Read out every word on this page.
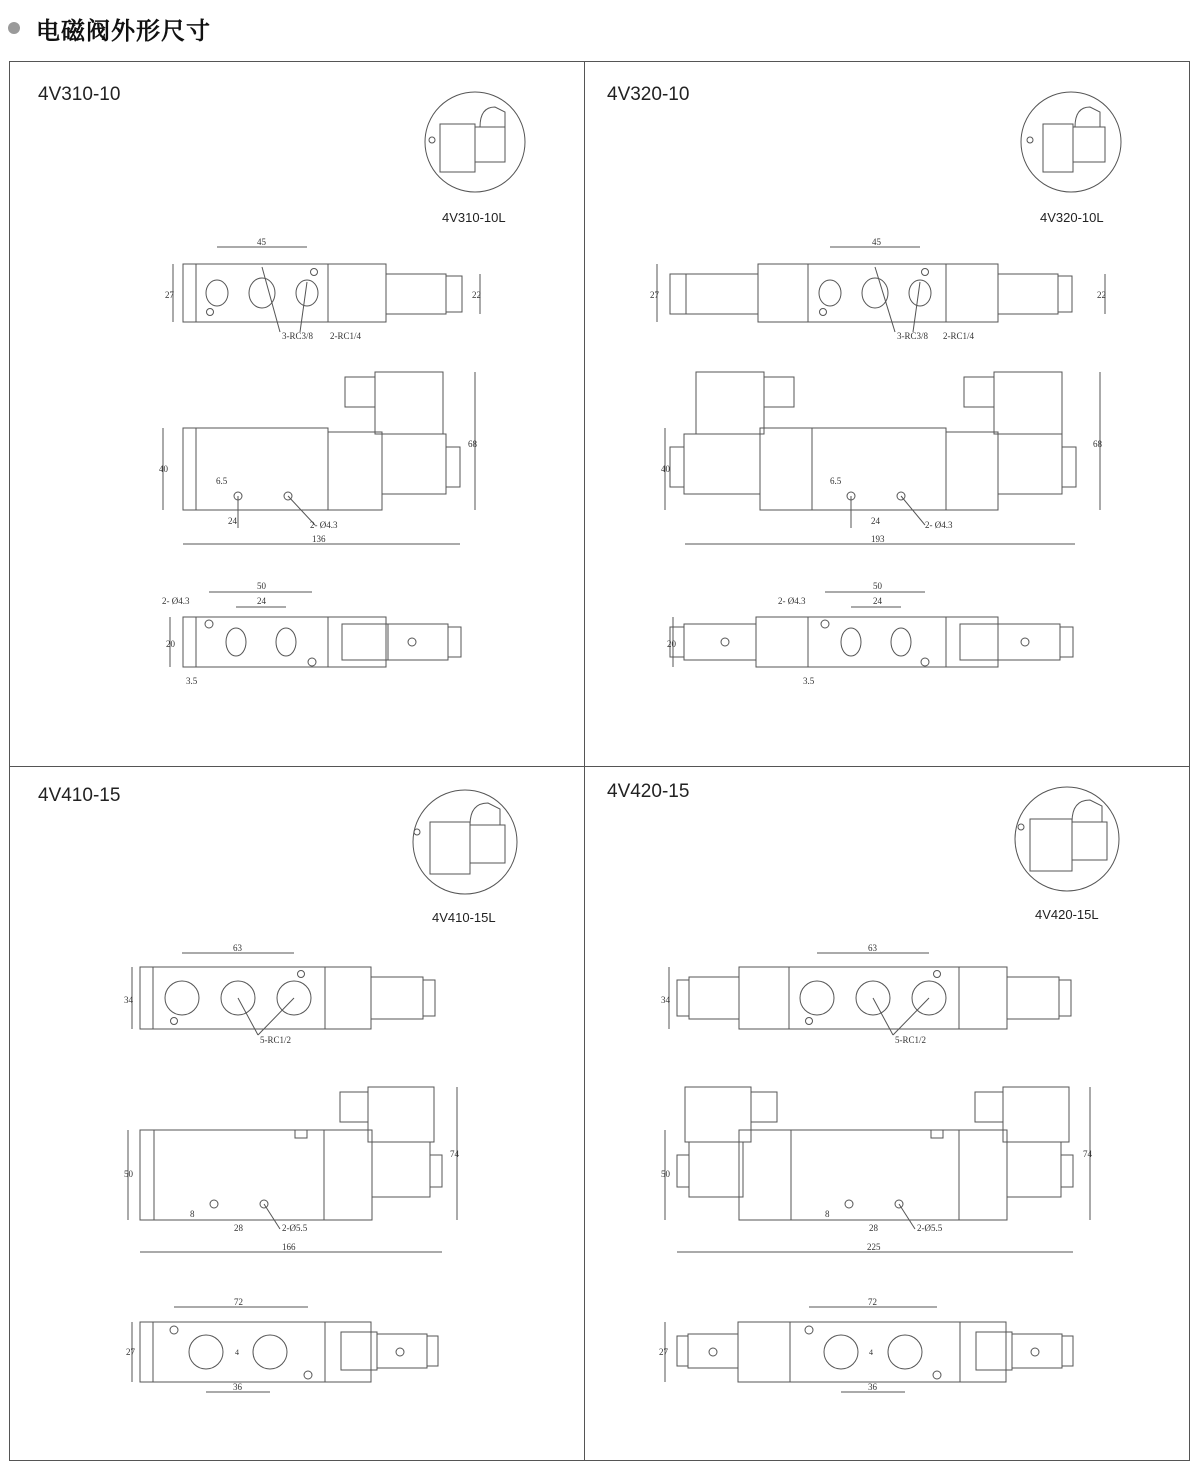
电磁阀外形尺寸
4V310-10
4V310-10L
45
27	22
3-RC3/8 2-RC1/4
40
68
6.5
24	2- Ø4.3
136
2- Ø4.3
50
24
20
3.5
4V320-10
4V320-10L
45
27	22
3-RC3/8 2-RC1/4
40
68
6.5
24	2- Ø4.3
193
2- Ø4.3
50
24
20
3.5
4V410-15
4V410-15L
63
34
5-RC1/2
50
74
8
28	2-Ø5.5
166
72
27	4
36
4V420-15
4V420-15L
63
34
5-RC1/2
50
74
8
28	2-Ø5.5
225
72
27	4
36
